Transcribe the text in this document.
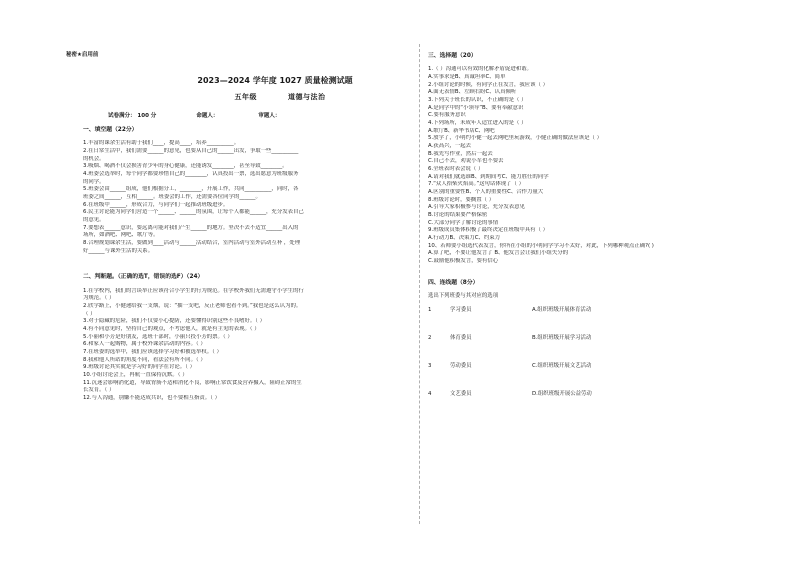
秘密★启用前
2023—2024 学年度 1027 质量检测试题
五年级	道德与法治
试卷满分： 100 分	命题人：	审题人：
一、填空题（22分）
1.丰富的课余生活有助于我们____，提高____，培养__________。
2.在日常生活中，我们需要______的意见，也要从自己的______出发，争取一些__________
的机会。
3.吸烟、喝酒不仅会损害青少年的身心健康，还能诱发________，甚至导致________。
4.班委会选举时，每个同学都要珍惜自己的________，认真投出一票，选出愿意为班级服务
的同学。
5.班委会由______组成，他们根据分工，________，开展工作，共同__________，同时，各
班委之间______，互相______。班委会的工作，还需要各位同学的______。
6.在班级中______，形成合力，与同学们一起推动班级进步。
6.民主讨论能为同学们营造一个______、______的氛围，让每个人都能______，充分发表自己
的意见。
7.要想表______意识，要远离可能对我们产生______的地方。坚决不去不适宜______出入的
场所，如酒吧、网吧、歌厅等。
8.合理规划课余生活，要做到____活动与______活动结合，室内活动与室外活动互补 ，处理
好______与课外生活的关系。
二、判断题。（正确的选T，错误的选F）（24）
1.在学校内，我们的言谈举止应该符合小学生的行为规范。在学校外我们无需遵守小学生的行
为规范。（ ）
2.欣学路上，小健递给我一支烟，说：“抽一支吧，反正老师也看不到。”我也是这么认为的。
（ ）
3.对于隐藏的危险，我们不仅要小心提防，还要懂得识别这些不良嗜好。（ ）
4.有不同意见时，坚持自己的观点，不考虑他人，就是有主见的表现。（ ）
5.小丽和小芳是好朋友，选班干部时，小丽只投小芳的票。（ ）
6.和家人一起购物，属于校外课余活动的内容。（ ）
7.在班委的选举中，我们应该选择学习好和被选举权。（ ）
8.我和他人所站的角度不同，看法会有所不同。（ ）
9.班级讨论其实就是学习好的同学在讨论。（ ）
10.小组讨论会上，冉航一直保持沉默。（ ）
11.沉迷会影响消化道，导致胃肠不适和消化不良，影响正常饮食及营养摄入，阻碍正常的生
长发育。（ ）
12.与人沟通，别嫌不能达成共识，也不要相互指责。（ ）
三、选择题（20）
1.（ ）沟通可以有效的化解矛盾促进和谐。
A.实事求是B、真诚坦率C、简单
2.小组讨论的时候，有同学正在发言，我应该（ ）
A.面无表情B、左顾右盼C、认真倾听
3.下列关于班长的认识，不正确的是（ ）
A.是同学中的“小领导”B、要有奉献意识
C.要有服务意识
4.下列场所，未成年人适宜进入的是（ ）
A.歌厅B、新华书店C、网吧
5.放学了，小明约小健一起去网吧里玩游戏，小健正确的做法应该是（ ）
A.获高兴，一起去
B.我先写作业，然后一起去
C.自己不去，劝说小军也不要去
6.全班表时表会说（ ）
A.请对我们就选谁B、到期间考C、能力胜任的同学
7.“众人拾柴火焰高。”这句话体现了（ ）
A.区别的重要性B、个人的重要性C、合作力量大
8.班级讨论时，要搁置（ ）
A.引导大家积极参与讨论，充分发表意见
B.讨论的结果要严格保密
C.大部分同学了解讨论的事情
9.班级成员集体积极了最终决定在班级中具有（ ）
A.行动力B、决策力C、约束力
10、若师要小组选代表发言，你所在小组的小明同学学习不太好，对此，下列哪种观点正确?( )
A.算了吧，不要让他发言了 B、他发言会让我们小组失分的
C.鼓励他积极发言，要有信心
四、连线题（8分）
选出下列班委与其对应的选项
1	学习委员	A.组织班级开展体育活动
2	体育委员	B.组织班级开展学习活动
3	劳动委员	C.组织班级开展文艺活动
4	文艺委员	D.组织班级开展公益劳动
